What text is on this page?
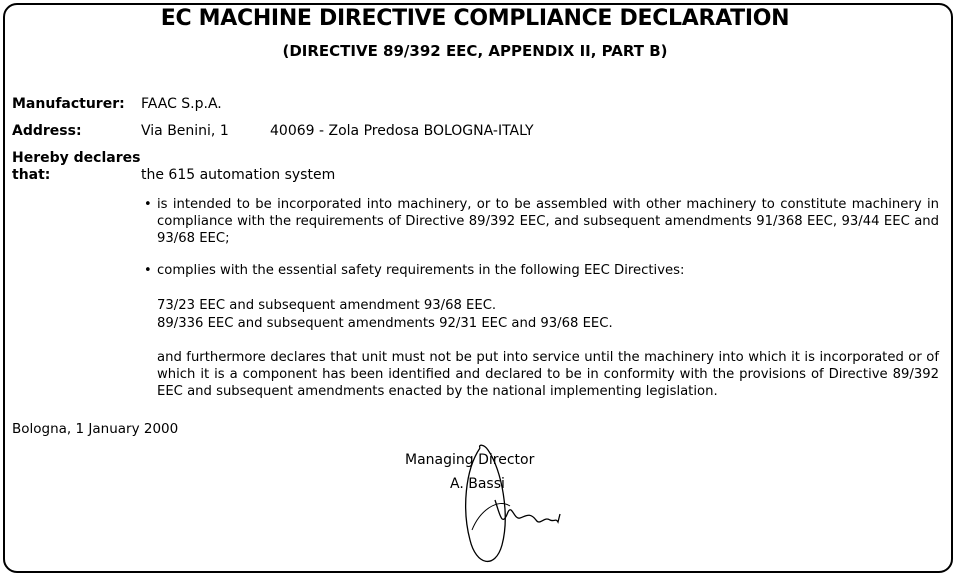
EC MACHINE DIRECTIVE COMPLIANCE DECLARATION
(DIRECTIVE 89/392 EEC, APPENDIX II, PART B)
Manufacturer: FAAC S.p.A.
Address:	Via Benini, 1	40069 - Zola Predosa BOLOGNA-ITALY
Hereby declares
that:	the 615 automation system
• is intended to be incorporated into machinery, or to be assembled with other machinery to constitute machinery in compliance with the requirements of Directive 89/392 EEC, and subsequent amendments 91/368 EEC, 93/44 EEC and 93/68 EEC;
• complies with the essential safety requirements in the following EEC Directives:
73/23 EEC and subsequent amendment 93/68 EEC.
89/336 EEC and subsequent amendments 92/31 EEC and 93/68 EEC.
and furthermore declares that unit must not be put into service until the machinery into which it is incorporated or of which it is a component has been identified and declared to be in conformity with the provisions of Directive 89/392 EEC and subsequent amendments enacted by the national implementing legislation.
Bologna, 1 January 2000
Managing Director
A. Bassi
